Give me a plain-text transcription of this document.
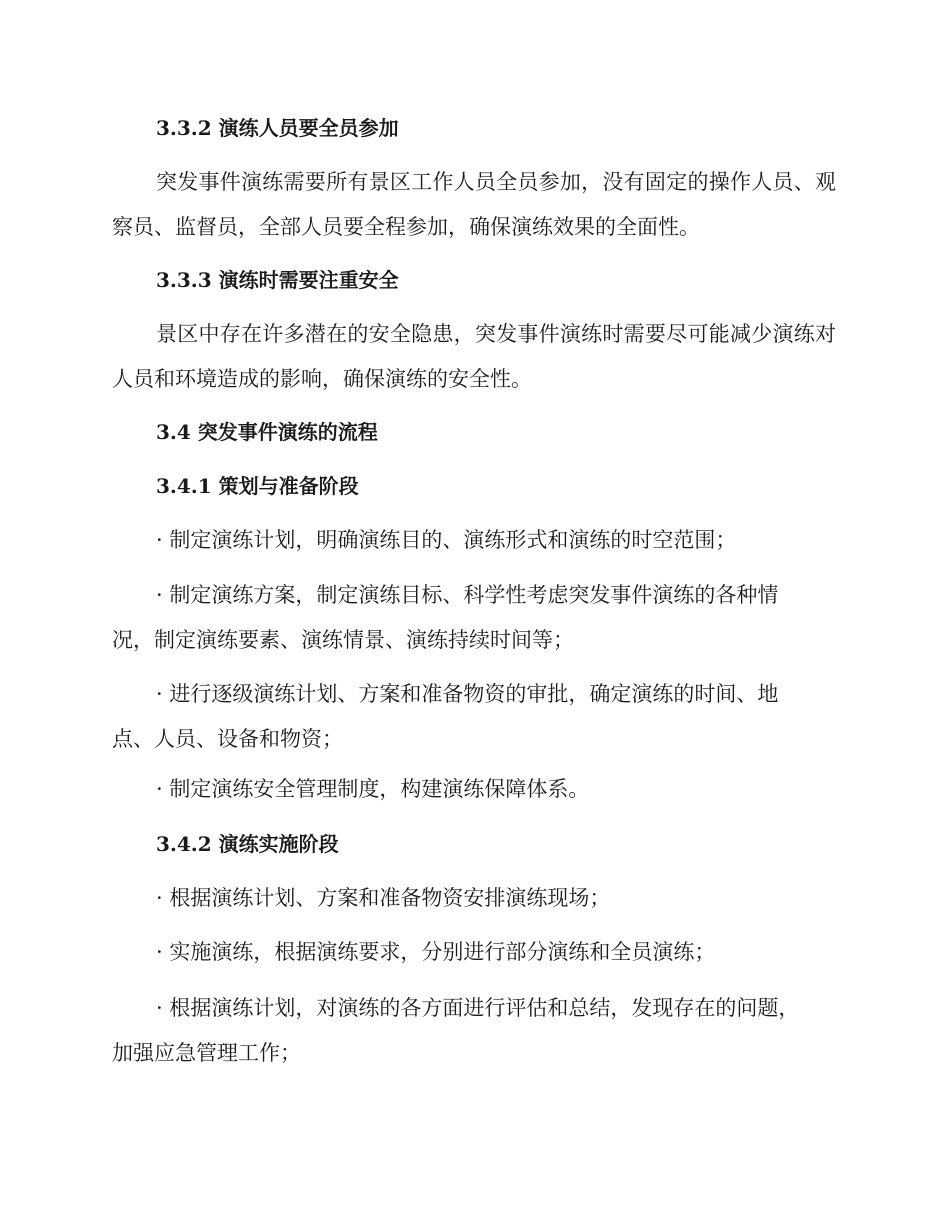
3.3.2 演练人员要全员参加
突发事件演练需要所有景区工作人员全员参加，没有固定的操作人员、观察员、监督员，全部人员要全程参加，确保演练效果的全面性。
3.3.3 演练时需要注重安全
景区中存在许多潜在的安全隐患，突发事件演练时需要尽可能减少演练对人员和环境造成的影响，确保演练的安全性。
3.4 突发事件演练的流程
3.4.1 策划与准备阶段
· 制定演练计划，明确演练目的、演练形式和演练的时空范围；
· 制定演练方案，制定演练目标、科学性考虑突发事件演练的各种情况，制定演练要素、演练情景、演练持续时间等；
· 进行逐级演练计划、方案和准备物资的审批，确定演练的时间、地点、人员、设备和物资；
· 制定演练安全管理制度，构建演练保障体系。
3.4.2 演练实施阶段
· 根据演练计划、方案和准备物资安排演练现场；
· 实施演练，根据演练要求，分别进行部分演练和全员演练；
· 根据演练计划，对演练的各方面进行评估和总结，发现存在的问题，加强应急管理工作；
